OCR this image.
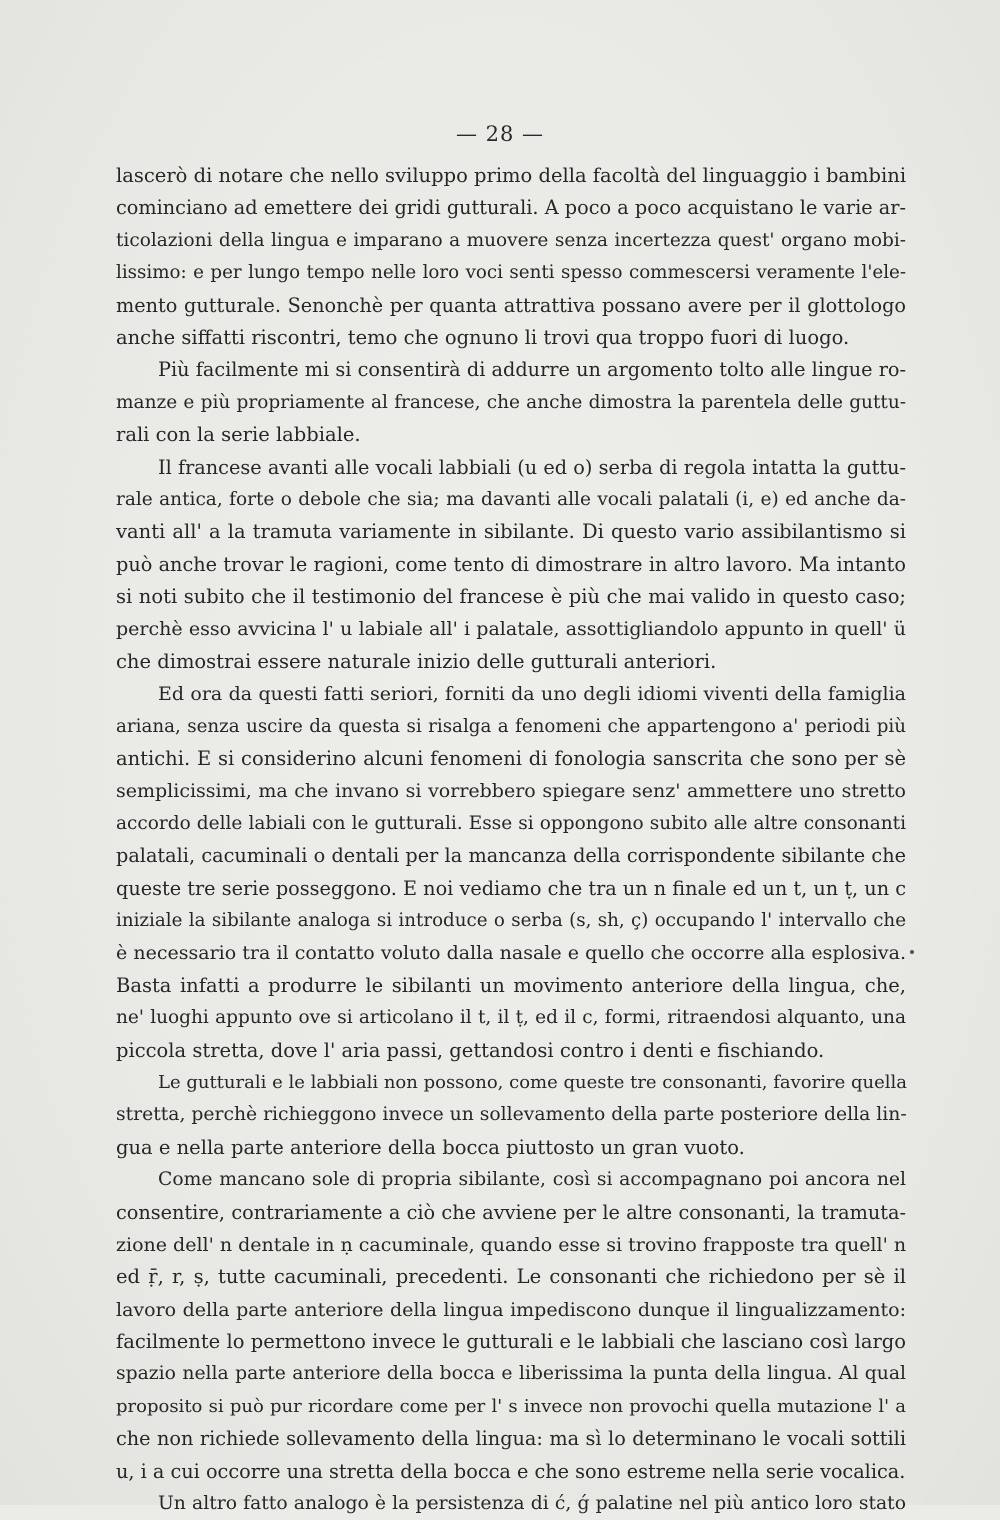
— 28 —
lascerò di notare che nello sviluppo primo della facoltà del linguaggio i bambini
cominciano ad emettere dei gridi gutturali. A poco a poco acquistano le varie ar-
ticolazioni della lingua e imparano a muovere senza incertezza quest' organo mobi-
lissimo: e per lungo tempo nelle loro voci senti spesso commescersi veramente l'ele-
mento gutturale. Senonchè per quanta attrattiva possano avere per il glottologo
anche siffatti riscontri, temo che ognuno li trovi qua troppo fuori di luogo.
Più facilmente mi si consentirà di addurre un argomento tolto alle lingue ro-
manze e più propriamente al francese, che anche dimostra la parentela delle guttu-
rali con la serie labbiale.
Il francese avanti alle vocali labbiali (u ed o) serba di regola intatta la guttu-
rale antica, forte o debole che sia; ma davanti alle vocali palatali (i, e) ed anche da-
vanti all' a la tramuta variamente in sibilante. Di questo vario assibilantismo si
può anche trovar le ragioni, come tento di dimostrare in altro lavoro. Ma intanto
si noti subito che il testimonio del francese è più che mai valido in questo caso;
perchè esso avvicina l' u labiale all' i palatale, assottigliandolo appunto in quell' ü
che dimostrai essere naturale inizio delle gutturali anteriori.
Ed ora da questi fatti seriori, forniti da uno degli idiomi viventi della famiglia
ariana, senza uscire da questa si risalga a fenomeni che appartengono a' periodi più
antichi. E si considerino alcuni fenomeni di fonologia sanscrita che sono per sè
semplicissimi, ma che invano si vorrebbero spiegare senz' ammettere uno stretto
accordo delle labiali con le gutturali. Esse si oppongono subito alle altre consonanti
palatali, cacuminali o dentali per la mancanza della corrispondente sibilante che
queste tre serie posseggono. E noi vediamo che tra un n finale ed un t, un ṭ, un c
iniziale la sibilante analoga si introduce o serba (s, sh, ç) occupando l' intervallo che
è necessario tra il contatto voluto dalla nasale e quello che occorre alla esplosiva.
Basta infatti a produrre le sibilanti un movimento anteriore della lingua, che,
ne' luoghi appunto ove si articolano il t, il ṭ, ed il c, formi, ritraendosi alquanto, una
piccola stretta, dove l' aria passi, gettandosi contro i denti e fischiando.
Le gutturali e le labbiali non possono, come queste tre consonanti, favorire quella
stretta, perchè richieggono invece un sollevamento della parte posteriore della lin-
gua e nella parte anteriore della bocca piuttosto un gran vuoto.
Come mancano sole di propria sibilante, così si accompagnano poi ancora nel
consentire, contrariamente a ciò che avviene per le altre consonanti, la tramuta-
zione dell' n dentale in ṇ cacuminale, quando esse si trovino frapposte tra quell' n
ed ṝ, r, ṣ, tutte cacuminali, precedenti. Le consonanti che richiedono per sè il
lavoro della parte anteriore della lingua impediscono dunque il lingualizzamento:
facilmente lo permettono invece le gutturali e le labbiali che lasciano così largo
spazio nella parte anteriore della bocca e liberissima la punta della lingua. Al qual
proposito si può pur ricordare come per l' s invece non provochi quella mutazione l' a
che non richiede sollevamento della lingua: ma sì lo determinano le vocali sottili
u, i a cui occorre una stretta della bocca e che sono estreme nella serie vocalica.
Un altro fatto analogo è la persistenza di ć, ǵ palatine nel più antico loro stato
